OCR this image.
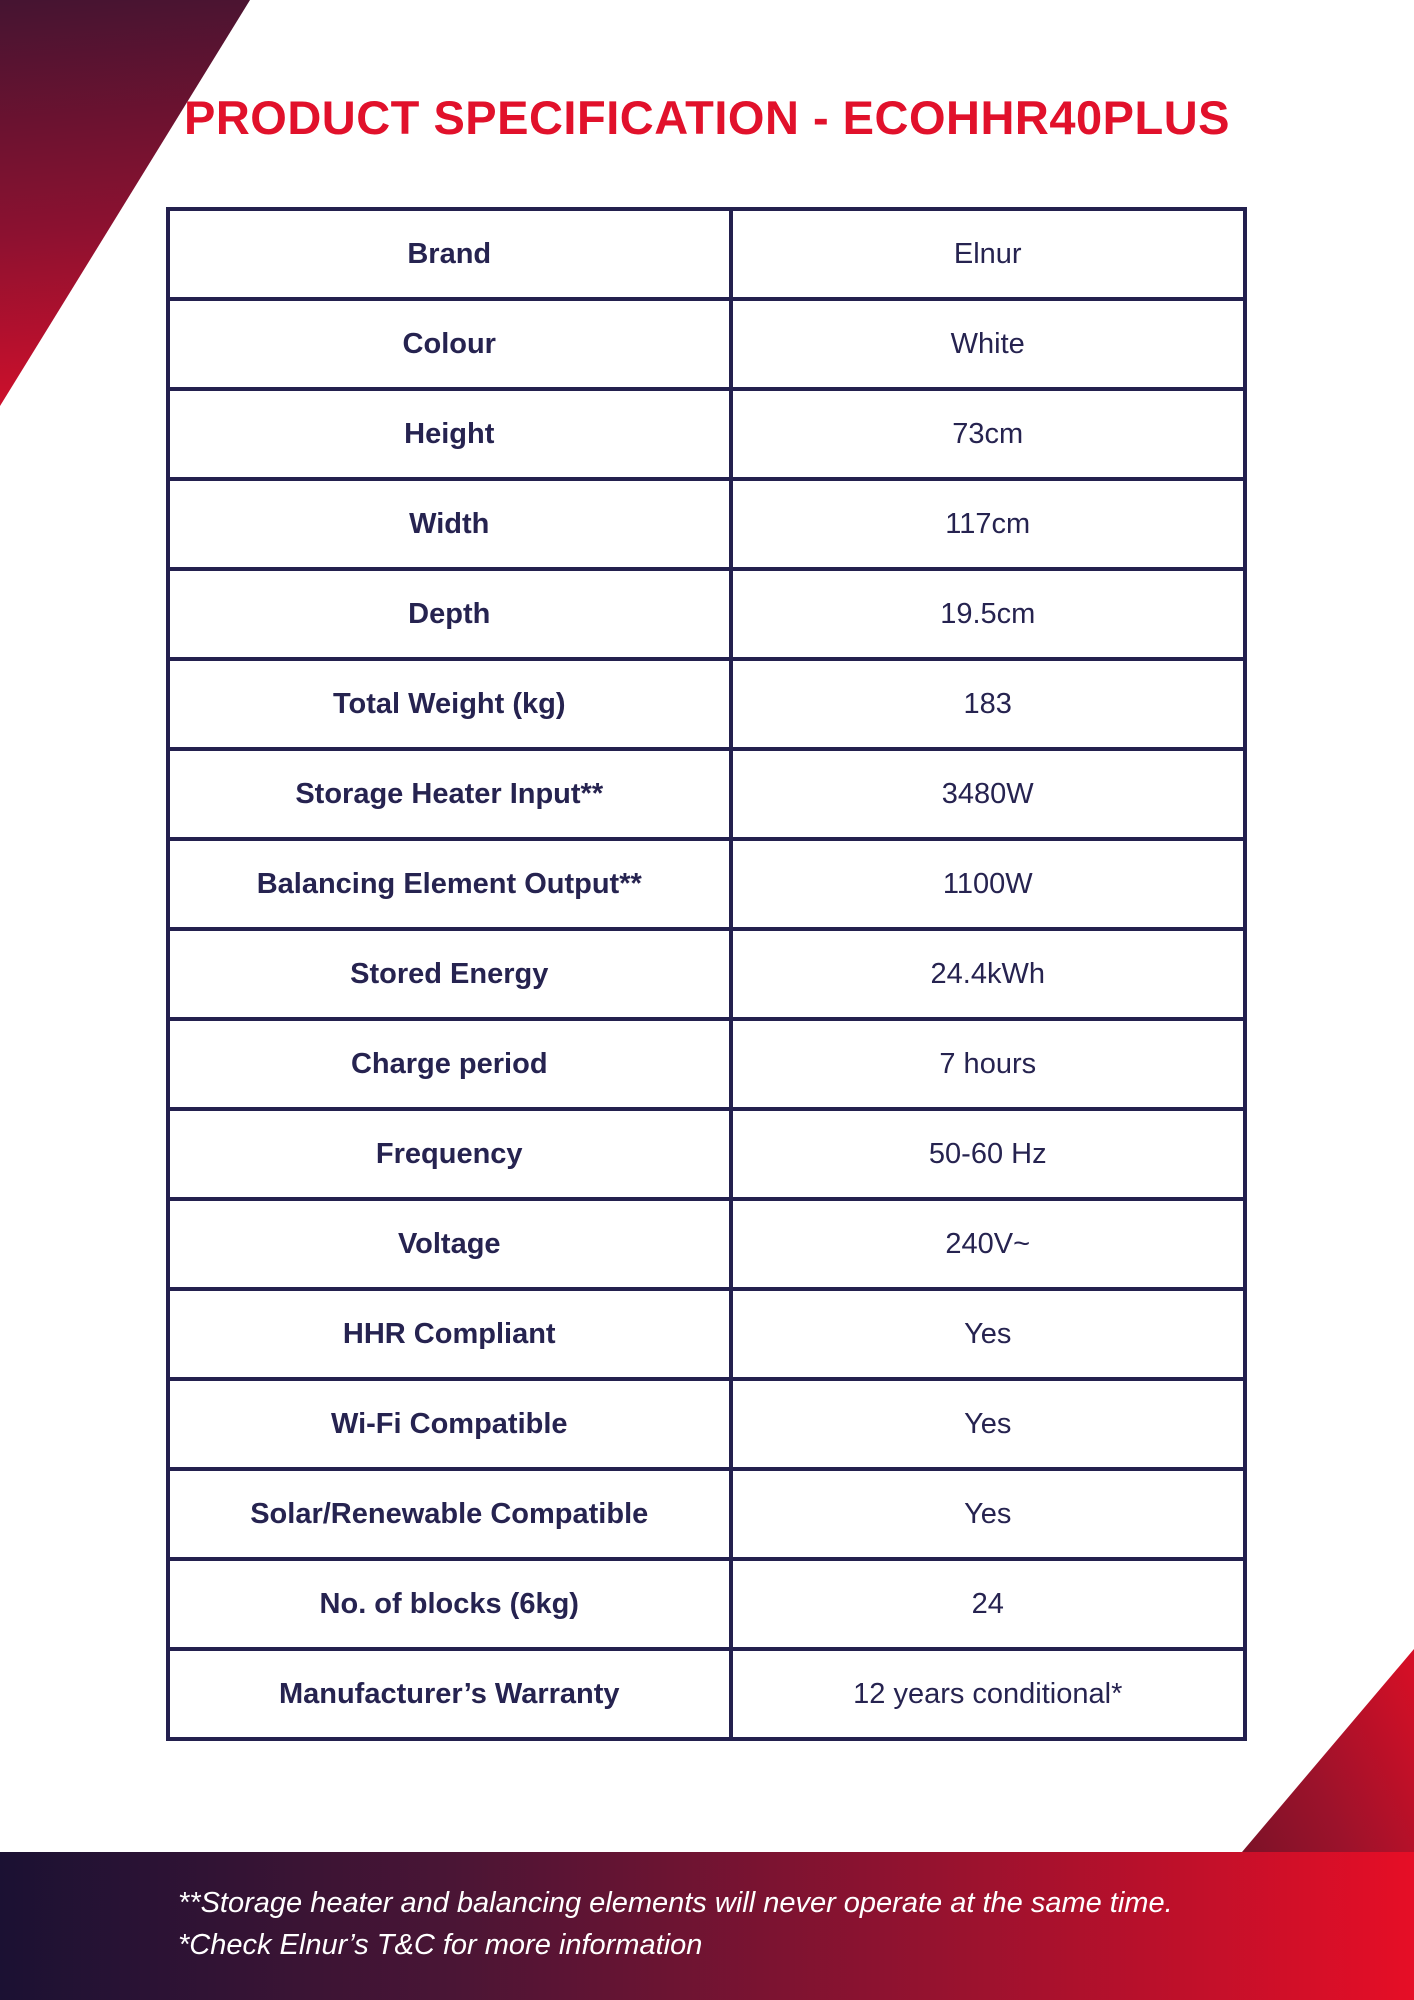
PRODUCT SPECIFICATION - ECOHHR40PLUS
Brand	Elnur
Colour	White
Height	73cm
Width	117cm
Depth	19.5cm
Total Weight (kg)	183
Storage Heater Input**	3480W
Balancing Element Output**	1100W
Stored Energy	24.4kWh
Charge period	7 hours
Frequency	50-60 Hz
Voltage	240V~
HHR Compliant	Yes
Wi-Fi Compatible	Yes
Solar/Renewable Compatible	Yes
No. of blocks (6kg)	24
Manufacturer’s Warranty	12 years conditional*
**Storage heater and balancing elements will never operate at the same time.
*Check Elnur’s T&C for more information
